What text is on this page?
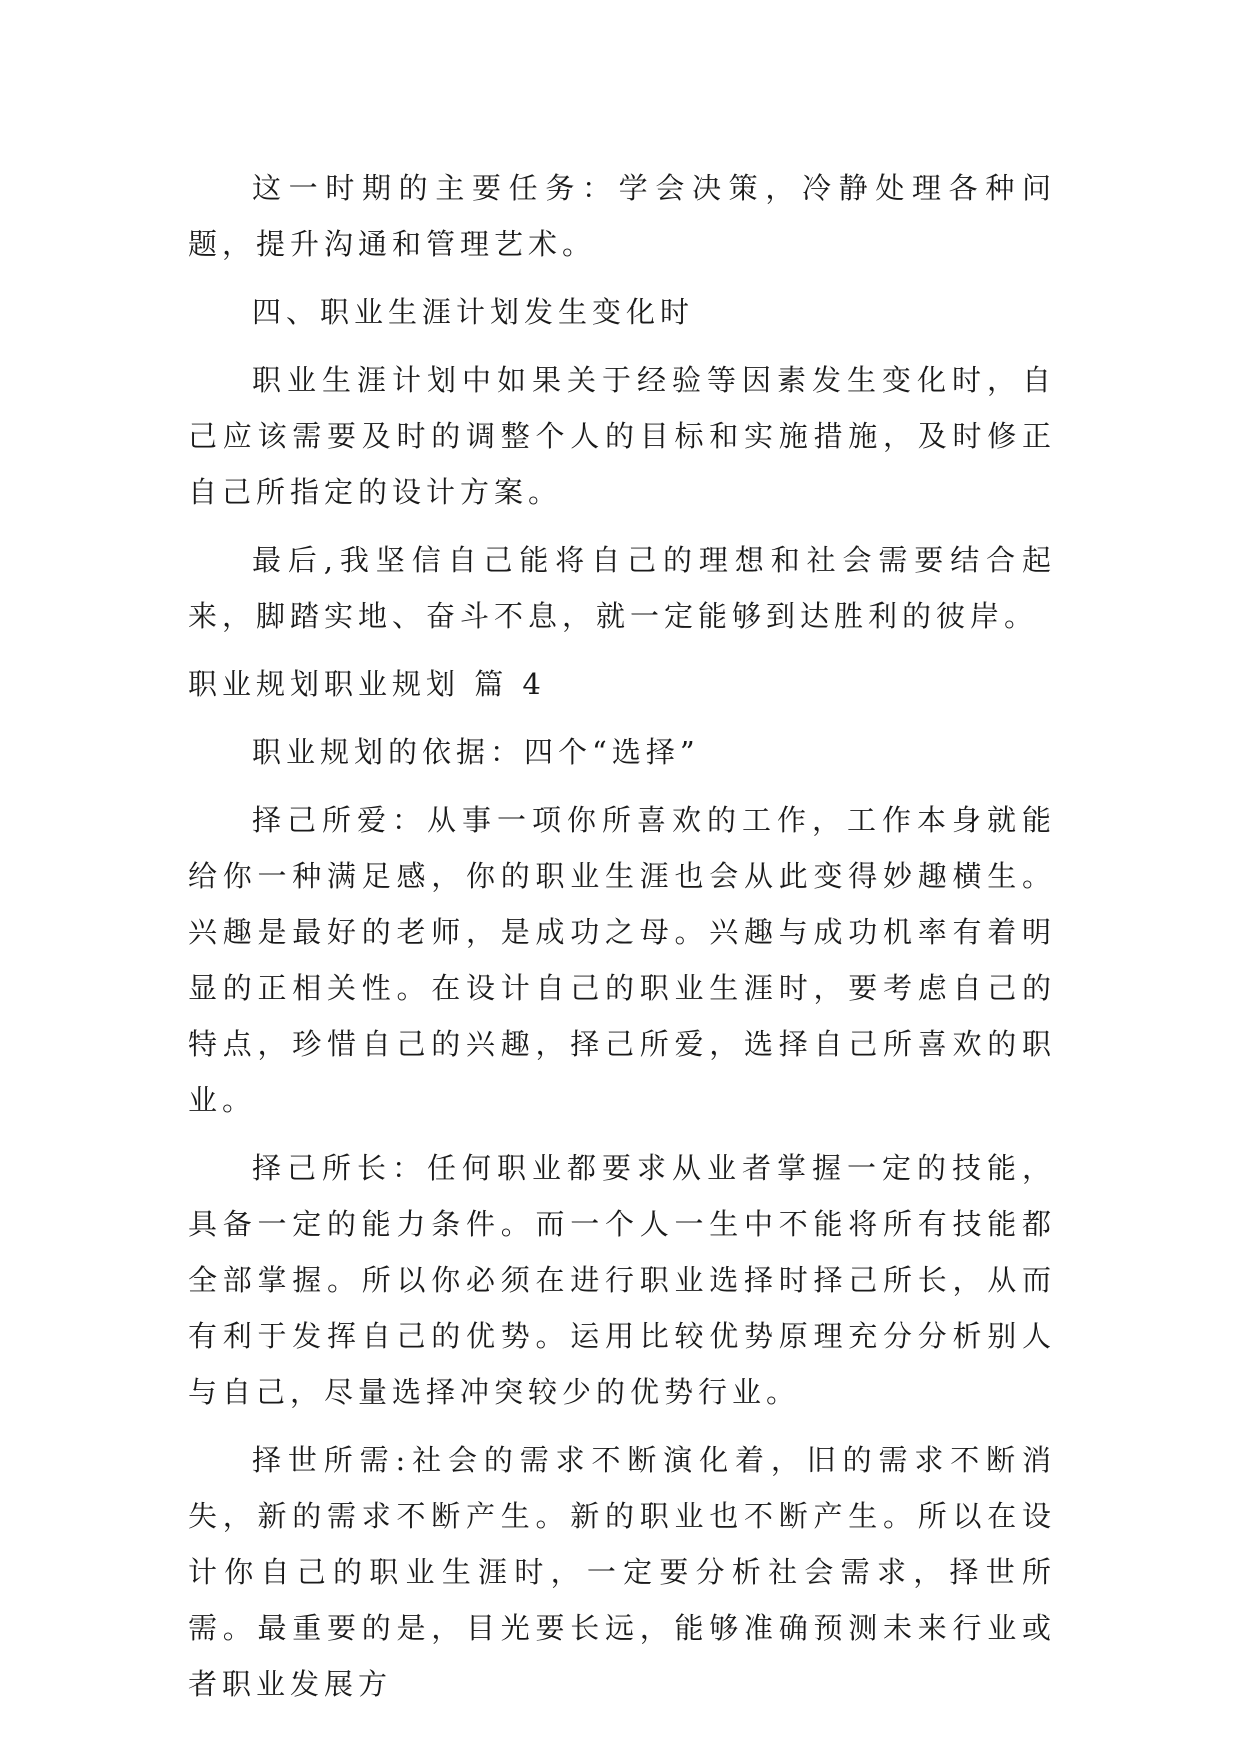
这一时期的主要任务：学会决策，冷静处理各种问题，提升沟通和管理艺术。

四、职业生涯计划发生变化时

职业生涯计划中如果关于经验等因素发生变化时，自己应该需要及时的调整个人的目标和实施措施，及时修正自己所指定的设计方案。

最后,我坚信自己能将自己的理想和社会需要结合起来，脚踏实地、奋斗不息，就一定能够到达胜利的彼岸。

职业规划职业规划 篇 4

职业规划的依据：四个“选择”

择己所爱：从事一项你所喜欢的工作，工作本身就能给你一种满足感，你的职业生涯也会从此变得妙趣横生。兴趣是最好的老师，是成功之母。兴趣与成功机率有着明显的正相关性。在设计自己的职业生涯时，要考虑自己的特点，珍惜自己的兴趣，择己所爱，选择自己所喜欢的职业。

择己所长：任何职业都要求从业者掌握一定的技能，具备一定的能力条件。而一个人一生中不能将所有技能都全部掌握。所以你必须在进行职业选择时择己所长，从而有利于发挥自己的优势。运用比较优势原理充分分析别人与自己，尽量选择冲突较少的优势行业。

择世所需:社会的需求不断演化着，旧的需求不断消失，新的需求不断产生。新的职业也不断产生。所以在设计你自己的职业生涯时，一定要分析社会需求，择世所需。最重要的是，目光要长远，能够准确预测未来行业或者职业发展方
